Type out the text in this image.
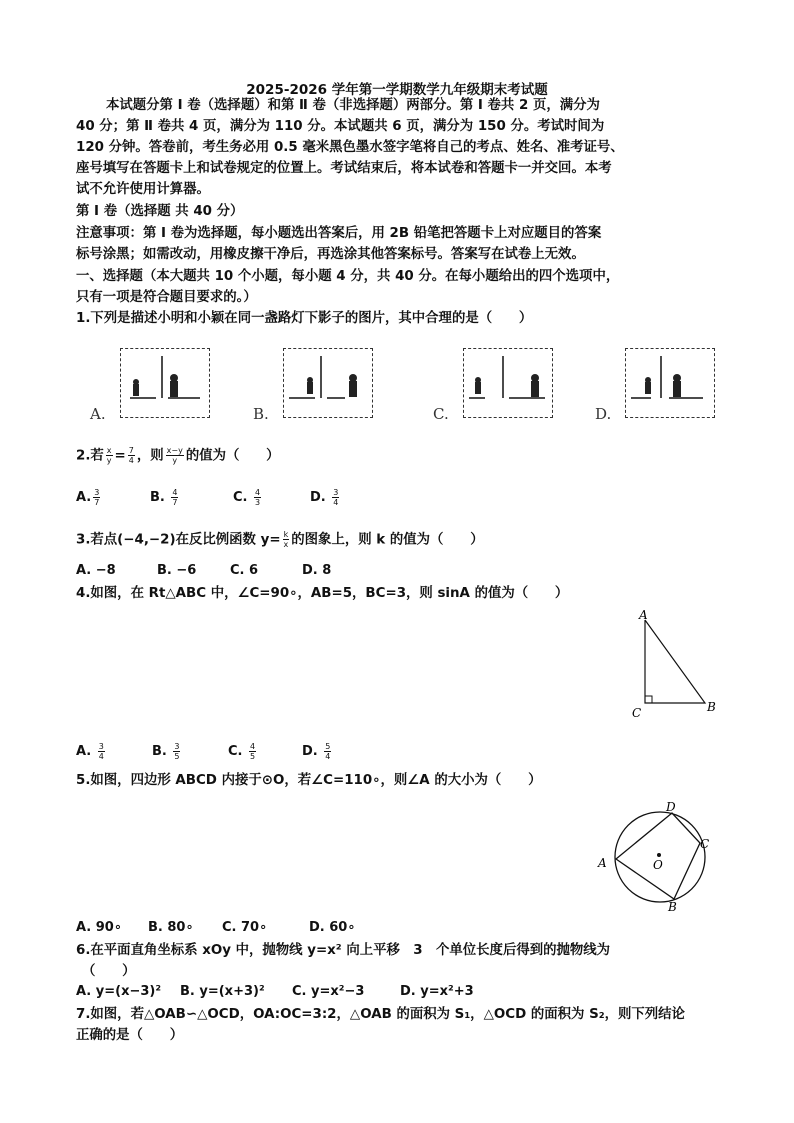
2025-2026 学年第一学期数学九年级期末考试题
本试题分第 Ⅰ 卷（选择题）和第 Ⅱ 卷（非选择题）两部分。第 Ⅰ 卷共 2 页，满分为
40 分；第 Ⅱ 卷共 4 页，满分为 110 分。本试题共 6 页，满分为 150 分。考试时间为
120 分钟。答卷前，考生务必用 0.5 毫米黑色墨水签字笔将自己的考点、姓名、准考证号、
座号填写在答题卡上和试卷规定的位置上。考试结束后，将本试卷和答题卡一并交回。本考
试不允许使用计算器。
第 Ⅰ 卷（选择题 共 40 分）
注意事项：第 Ⅰ 卷为选择题，每小题选出答案后，用 2B 铅笔把答题卡上对应题目的答案
标号涂黑；如需改动，用橡皮擦干净后，再选涂其他答案标号。答案写在试卷上无效。
一、选择题（本大题共 10 个小题，每小题 4 分，共 40 分。在每小题给出的四个选项中，
只有一项是符合题目要求的。）
1.下列是描述小明和小颖在同一盏路灯下影子的图片，其中合理的是（　　）
A.	B.	C.	D.
2.若 $\frac{x}{y} = \frac{7}{4}$ ，则 $\frac{x-y}{y}$ 的值为（　　）
A. $\frac{3}{7}$	B. $\frac{4}{7}$	C. $\frac{4}{3}$	D. $\frac{3}{4}$
3.若点(−4,−2)在反比例函数 $y= \frac{k}{x}$ 的图象上，则 k 的值为（　　）
A. −8	B. −6	C. 6	D. 8
4.如图，在 Rt△ABC 中，∠C=90∘，AB=5，BC=3，则 sinA 的值为（　　）
A
C	B
A. $\frac{3}{4}$	B. $\frac{3}{5}$	C. $\frac{4}{5}$	D. $\frac{5}{4}$
5.如图，四边形 ABCD 内接于⊙O，若∠C=110∘，则∠A 的大小为（　　）
A
D
C
B
O
A. 90∘ B. 80∘ C. 70∘	D. 60∘
6.在平面直角坐标系 xOy 中，抛物线 y=x² 向上平移　3　个单位长度后得到的抛物线为
（　　）
A. y=(x−3)² B. y=(x+3)² C. y=x²−3	D. y=x²+3
7.如图，若△OAB∽△OCD，OA:OC=3:2，△OAB 的面积为 S₁，△OCD 的面积为 S₂，则下列结论
正确的是（　　）
